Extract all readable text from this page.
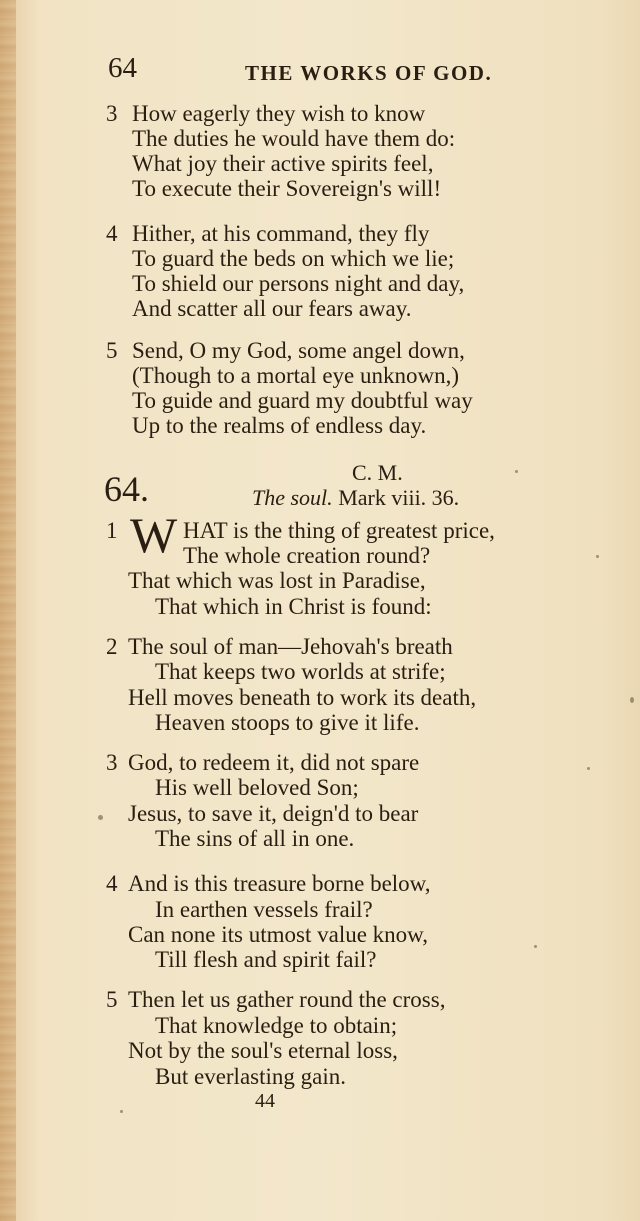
64	THE WORKS OF GOD.
3 How eagerly they wish to know
The duties he would have them do:
What joy their active spirits feel,
To execute their Sovereign's will!
4 Hither, at his command, they fly
To guard the beds on which we lie;
To shield our persons night and day,
And scatter all our fears away.
5 Send, O my God, some angel down,
(Though to a mortal eye unknown,)
To guide and guard my doubtful way
Up to the realms of endless day.
64.	C. M.
The soul. Mark viii. 36.
W
1	HAT is the thing of greatest price,
The whole creation round?
That which was lost in Paradise,
That which in Christ is found:
2 The soul of man—Jehovah's breath
That keeps two worlds at strife;
Hell moves beneath to work its death,
Heaven stoops to give it life.
3 God, to redeem it, did not spare
His well beloved Son;
Jesus, to save it, deign'd to bear
The sins of all in one.
4 And is this treasure borne below,
In earthen vessels frail?
Can none its utmost value know,
Till flesh and spirit fail?
5 Then let us gather round the cross,
That knowledge to obtain;
Not by the soul's eternal loss,
But everlasting gain.
44
